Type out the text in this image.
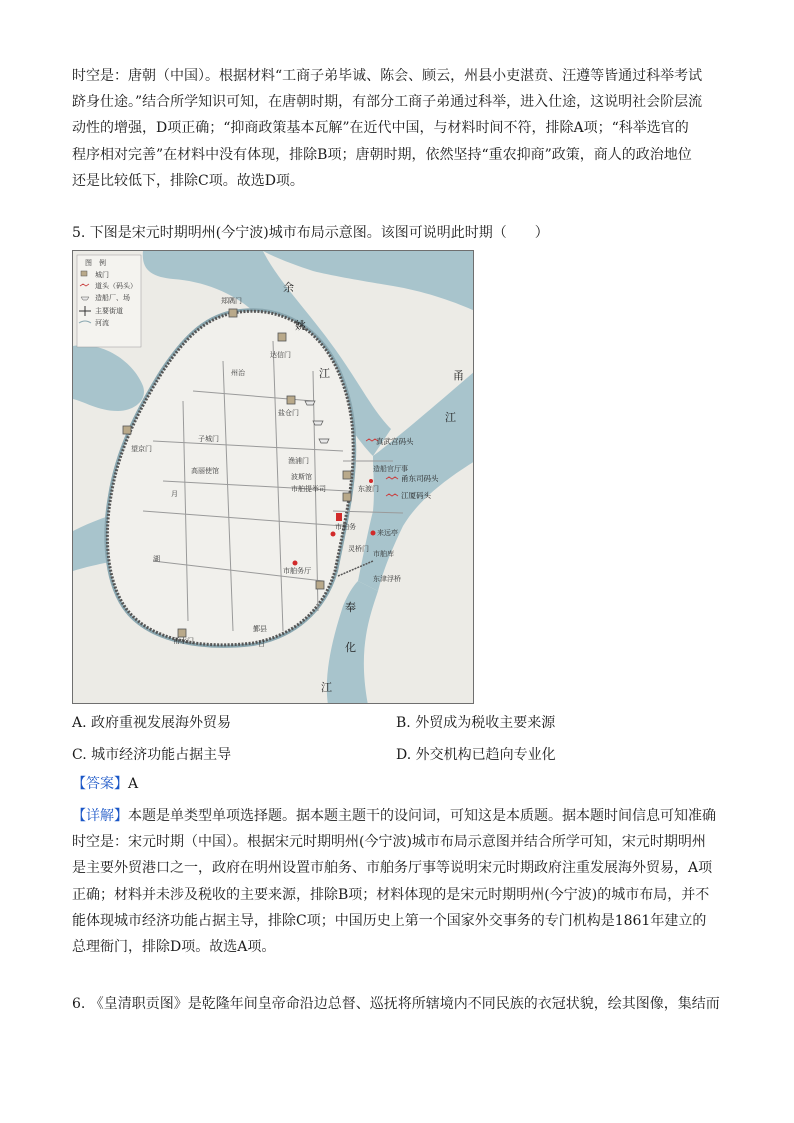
时空是：唐朝（中国）。根据材料“工商子弟毕诚、陈会、顾云，州县小吏湛贲、汪遵等皆通过科举考试
跻身仕途。”结合所学知识可知，在唐朝时期，有部分工商子弟通过科举，进入仕途，这说明社会阶层流
动性的增强，D项正确；“抑商政策基本瓦解”在近代中国，与材料时间不符，排除A项；“科举选官的
程序相对完善”在材料中没有体现，排除B项；唐朝时期，依然坚持“重农抑商”政策，商人的政治地位
还是比较低下，排除C项。故选D项。
5. 下图是宋元时期明州(今宁波)城市布局示意图。该图可说明此时期（　　）
图　例
城门
道头（码头）
造船厂、场
主要街道
河流
余
姚
江	甬
江
奉
化
江
月
湖
郑隅门
达信门
盐仓门
望京门
渔浦门
东渡门
灵桥门
甬水门
鄞县
州治
子城门
高丽使馆
波斯馆
市舶提举司
市舶务
市舶务厅
来远亭
市舶库
东津浮桥
造船官厅事
日
真武宫码头
甬东司码头
江厦码头
A. 政府重视发展海外贸易	B. 外贸成为税收主要来源
C. 城市经济功能占据主导	D. 外交机构已趋向专业化
【答案】A
【详解】本题是单类型单项选择题。据本题主题干的设问词，可知这是本质题。据本题时间信息可知准确
时空是：宋元时期（中国）。根据宋元时期明州(今宁波)城市布局示意图并结合所学可知，宋元时期明州
是主要外贸港口之一，政府在明州设置市舶务、市舶务厅事等说明宋元时期政府注重发展海外贸易，A项
正确；材料并未涉及税收的主要来源，排除B项；材料体现的是宋元时期明州(今宁波)的城市布局，并不
能体现城市经济功能占据主导，排除C项；中国历史上第一个国家外交事务的专门机构是1861年建立的
总理衙门，排除D项。故选A项。
6. 《皇清职贡图》是乾隆年间皇帝命沿边总督、巡抚将所辖境内不同民族的衣冠状貌，绘其图像，集结而
